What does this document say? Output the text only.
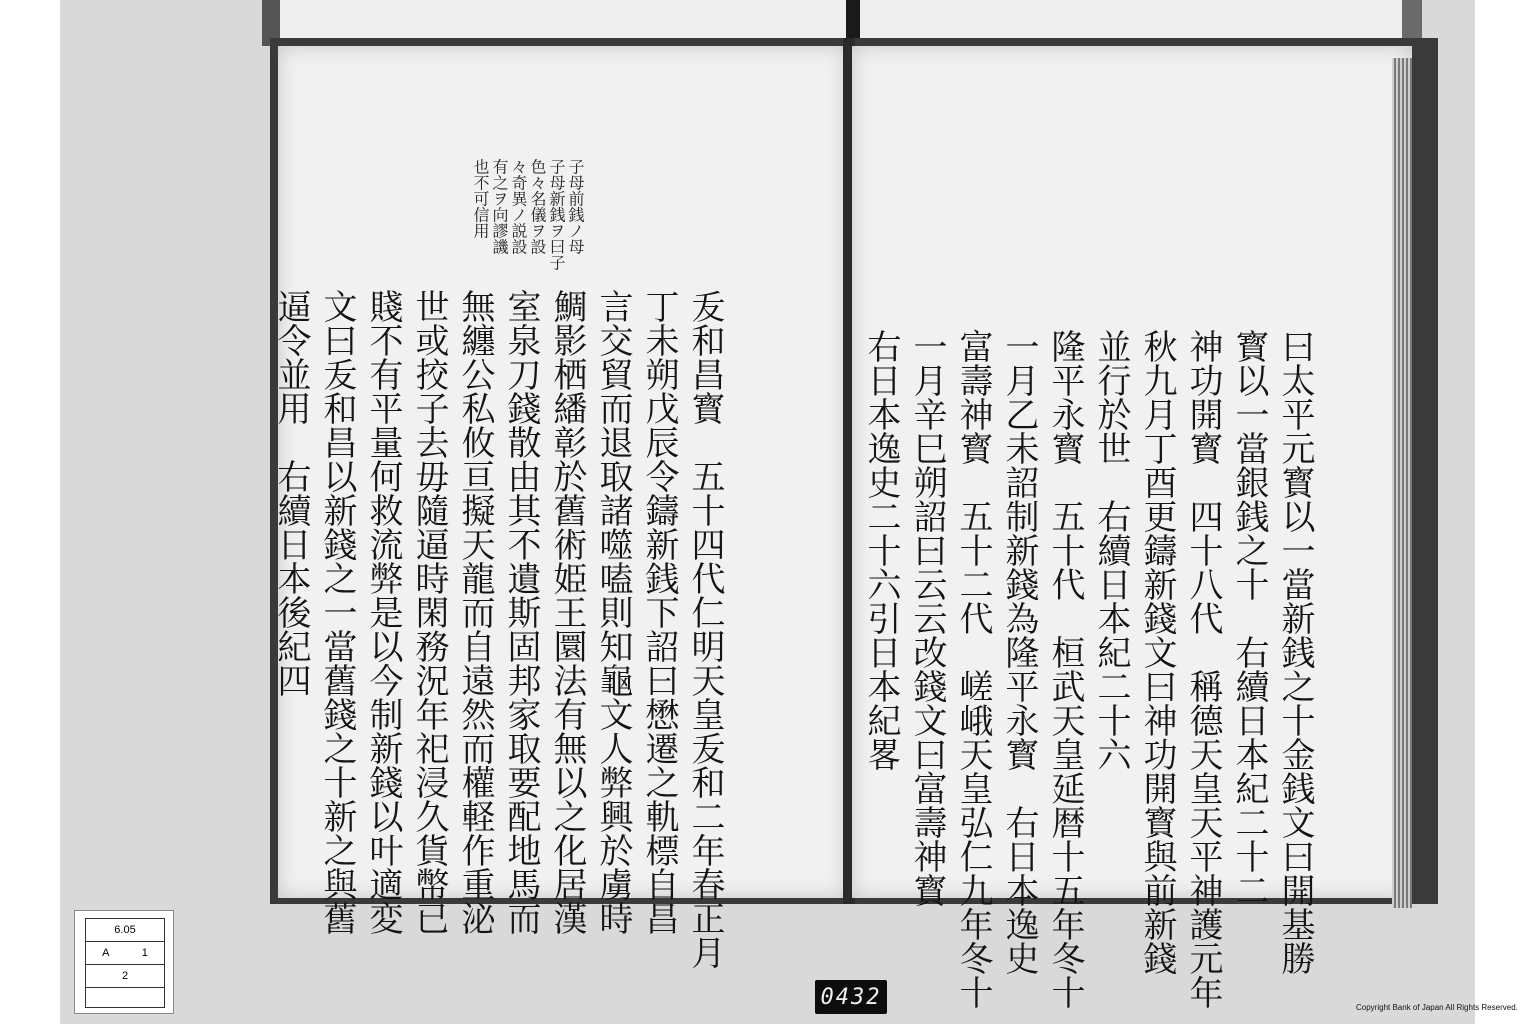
子母前銭ノ母
子母新銭ヲ曰子
色々名儀ヲ設
々奇異ノ説設
有之ヲ向謬譏
也不可信用

叐和昌寳　五十四代仁明天皇叐和二年春正月
丁未朔戊辰令鑄新銭下詔曰懋遷之軌標自昌
言交貿而退取諸噬嗑則知龜文人弊興於虜時
鯛影栖繙彰於舊術姫王圜法有無以之化居漢
室泉刀錢散由其不遺斯固邦家取要配地馬而
無纏公私攸亘擬天龍而自遠然而權軽作重泌
世或挍子去毋隨逼時閑務況年祀浸久貨幣已
賤不有平量何救流弊是以今制新錢以叶適変
文曰叐和昌以新錢之一當舊錢之十新之與舊
逼令並用　右續日本後紀四
	曰太平元寳以一當新銭之十金銭文曰開基勝
寳以一當銀銭之十　右續日本紀二十二
神功開寳　四十八代　稱德天皇天平神護元年
秋九月丁酉更鑄新錢文曰神功開寳與前新錢
並行於世　右續日本紀二十六
隆平永寳　五十代　桓武天皇延暦十五年冬十
一月乙未詔制新錢為隆平永寳　右日本逸史
富壽神寳　五十二代　嵯峨天皇弘仁九年冬十
一月辛巳朔詔曰云云改錢文曰富壽神寳
右日本逸史二十六引日本紀畧

6.05
A	1
2
0432	Copyright Bank of Japan All Rights Reserved.
